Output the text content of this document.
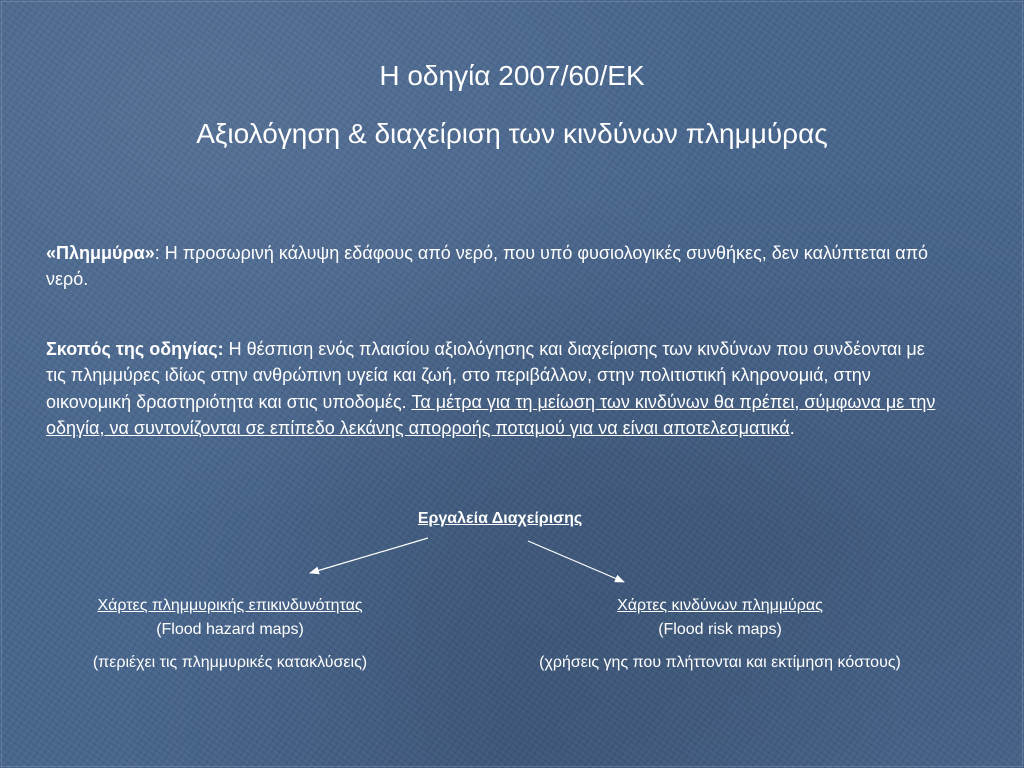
Η οδηγία 2007/60/ΕΚ
Αξιολόγηση & διαχείριση των κινδύνων πλημμύρας
«Πλημμύρα»: Η προσωρινή κάλυψη εδάφους από νερό, που υπό φυσιολογικές συνθήκες, δεν καλύπτεται από νερό.
Σκοπός της οδηγίας: Η θέσπιση ενός πλαισίου αξιολόγησης και διαχείρισης των κινδύνων που συνδέονται με τις πλημμύρες ιδίως στην ανθρώπινη υγεία και ζωή, στο περιβάλλον, στην πολιτιστική κληρονομιά, στην οικονομική δραστηριότητα και στις υποδομές. Τα μέτρα για τη μείωση των κινδύνων θα πρέπει, σύμφωνα με την οδηγία, να συντονίζονται σε επίπεδο λεκάνης απορροής ποταμού για να είναι αποτελεσματικά.
Εργαλεία Διαχείρισης
Χάρτες πλημμυρικής επικινδυνότητας
(Flood hazard maps)
(περιέχει τις πλημμυρικές κατακλύσεις)
Χάρτες κινδύνων πλημμύρας
(Flood risk maps)
(χρήσεις γης που πλήττονται και εκτίμηση κόστους)
